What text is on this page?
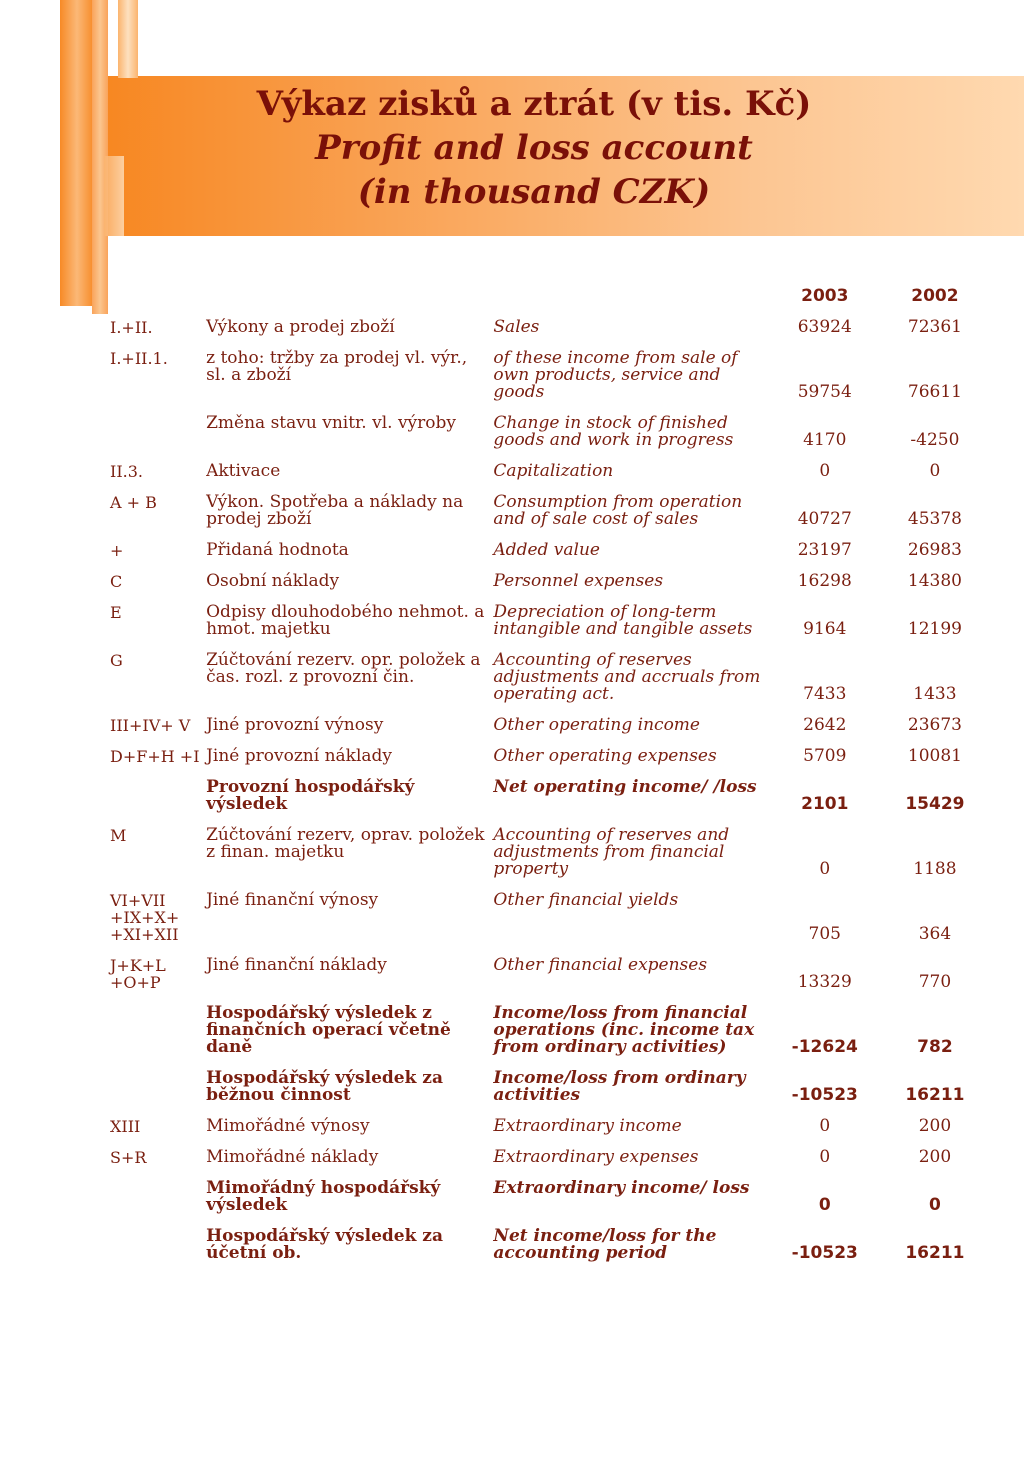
Výkaz zisků a ztrát (v tis. Kč)
Profit and loss account
(in thousand CZK)
			2003	2002
I.+II.	Výkony a prodej zboží	Sales	63924	72361
I.+II.1.	z toho: tržby za prodej vl. výr., sl. a zboží	of these income from sale of own products, service and goods	59754	76611
	Změna stavu vnitr. vl. výroby	Change in stock of finished goods and work in progress	4170	-4250
II.3.	Aktivace	Capitalization	0	0
A + B	Výkon. Spotřeba a náklady na prodej zboží	Consumption from operation and of sale cost of sales	40727	45378
+	Přidaná hodnota	Added value	23197	26983
C	Osobní náklady	Personnel expenses	16298	14380
E	Odpisy dlouhodobého nehmot. a hmot. majetku	Depreciation of long-term intangible and tangible assets	9164	12199
G	Zúčtování rezerv. opr. položek a čas. rozl. z provozní čin.	Accounting of reserves adjustments and accruals from operating act.	7433	1433
III+IV+ V	Jiné provozní výnosy	Other operating income	2642	23673
D+F+H +I	Jiné provozní náklady	Other operating expenses	5709	10081
	Provozní hospodářský výsledek	Net operating income/ /loss	2101	15429
M	Zúčtování rezerv, oprav. položek z finan. majetku	Accounting of reserves and adjustments from financial property	0	1188
VI+VII +IX+X+ +XI+XII	Jiné finanční výnosy	Other financial yields	705	364
J+K+L +O+P	Jiné finanční náklady	Other financial expenses	13329	770
	Hospodářský výsledek z finančních operací včetně daně	Income/loss from financial operations (inc. income tax from ordinary activities)	-12624	782
	Hospodářský výsledek za běžnou činnost	Income/loss from ordinary activities	-10523	16211
XIII	Mimořádné výnosy	Extraordinary income	0	200
S+R	Mimořádné náklady	Extraordinary expenses	0	200
	Mimořádný hospodářský výsledek	Extraordinary income/ loss	0	0
	Hospodářský výsledek za účetní ob.	Net income/loss for the accounting period	-10523	16211
